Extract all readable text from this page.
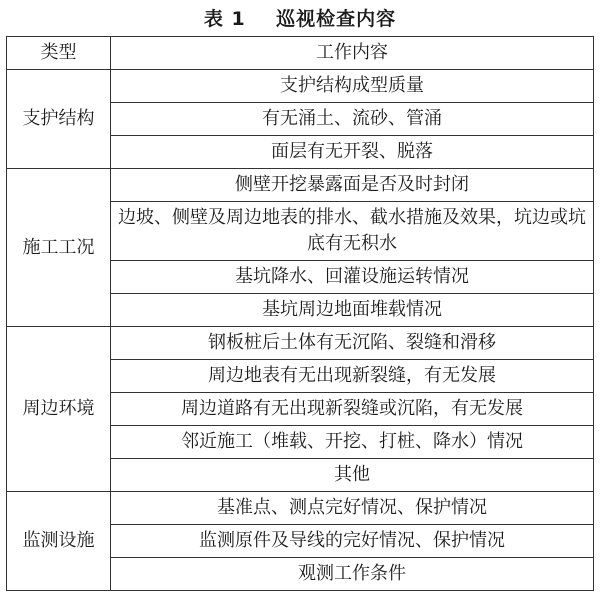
表 1    巡视检查内容
类型	工作内容
支护结构	支护结构成型质量
	有无涌土、流砂、管涌
	面层有无开裂、脱落
施工工况	侧壁开挖暴露面是否及时封闭
	边坡、侧壁及周边地表的排水、截水措施及效果，坑边或坑底有无积水
	基坑降水、回灌设施运转情况
	基坑周边地面堆载情况
周边环境	钢板桩后土体有无沉陷、裂缝和滑移
	周边地表有无出现新裂缝，有无发展
	周边道路有无出现新裂缝或沉陷，有无发展
	邻近施工（堆载、开挖、打桩、降水）情况
	其他
监测设施	基准点、测点完好情况、保护情况
	监测原件及导线的完好情况、保护情况
	观测工作条件
